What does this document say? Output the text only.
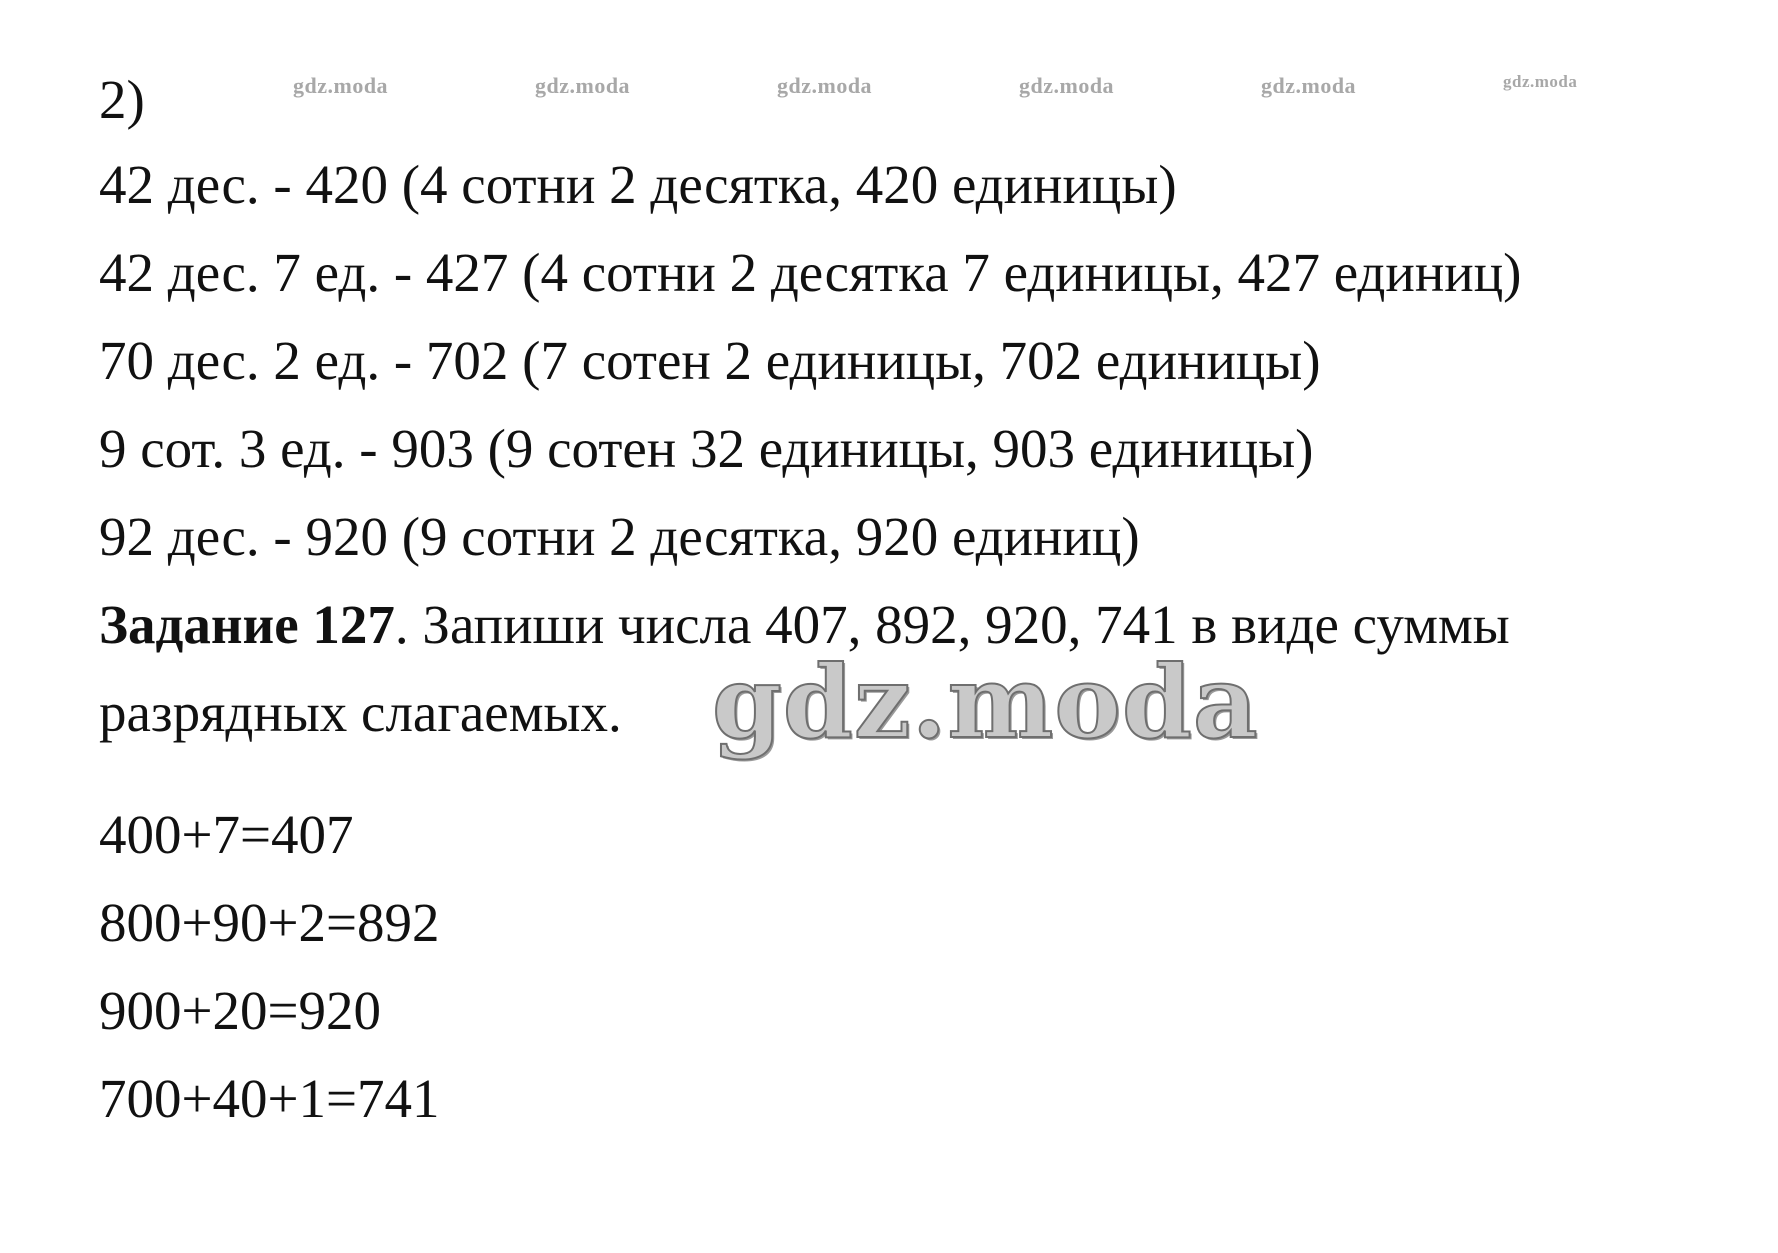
gdz.moda	gdz.moda	gdz.moda	gdz.moda	gdz.moda	gdz.moda
2)
42 дес. - 420 (4 сотни 2 десятка, 420 единицы)
42 дес. 7 ед. - 427 (4 сотни 2 десятка 7 единицы, 427 единиц)
70 дес. 2 ед. - 702 (7 сотен 2 единицы, 702 единицы)
9 сот. 3 ед. - 903 (9 сотен 32 единицы, 903 единицы)
92 дес. - 920 (9 сотни 2 десятка, 920 единиц)
Задание 127. Запиши числа 407, 892, 920, 741 в виде суммы
разрядных слагаемых. gdz.moda
400+7=407
800+90+2=892
900+20=920
700+40+1=741
